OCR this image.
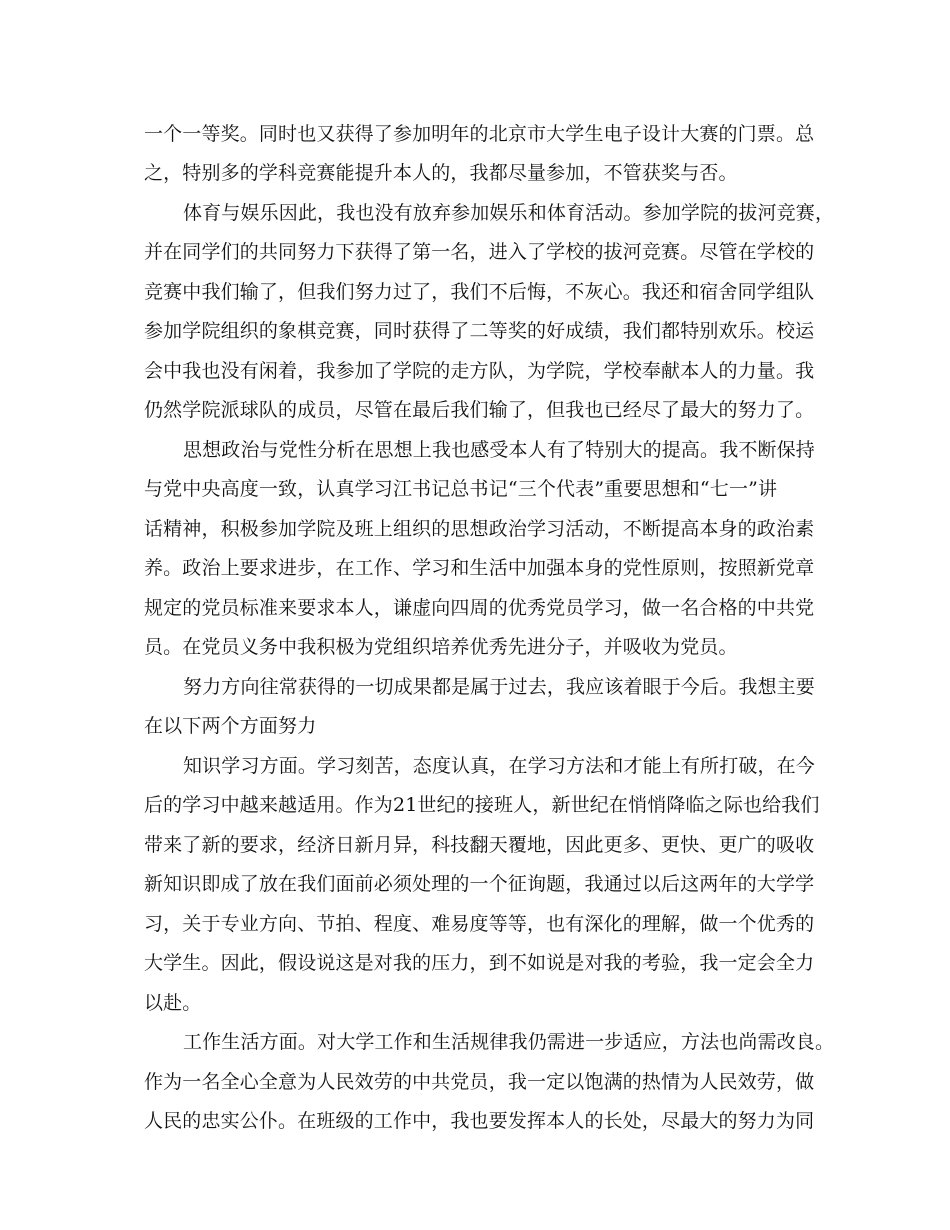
一个一等奖。同时也又获得了参加明年的北京市大学生电子设计大赛的门票。总

之，特别多的学科竞赛能提升本人的，我都尽量参加，不管获奖与否。

体育与娱乐因此，我也没有放弃参加娱乐和体育活动。参加学院的拔河竞赛，

并在同学们的共同努力下获得了第一名，进入了学校的拔河竞赛。尽管在学校的

竞赛中我们输了，但我们努力过了，我们不后悔，不灰心。我还和宿舍同学组队

参加学院组织的象棋竞赛，同时获得了二等奖的好成绩，我们都特别欢乐。校运

会中我也没有闲着，我参加了学院的走方队，为学院，学校奉献本人的力量。我

仍然学院派球队的成员，尽管在最后我们输了，但我也已经尽了最大的努力了。

思想政治与党性分析在思想上我也感受本人有了特别大的提高。我不断保持

与党中央高度一致，认真学习江书记总书记“三个代表”重要思想和“七一”讲

话精神，积极参加学院及班上组织的思想政治学习活动，不断提高本身的政治素

养。政治上要求进步，在工作、学习和生活中加强本身的党性原则，按照新党章

规定的党员标准来要求本人，谦虚向四周的优秀党员学习，做一名合格的中共党

员。在党员义务中我积极为党组织培养优秀先进分子，并吸收为党员。

努力方向往常获得的一切成果都是属于过去，我应该着眼于今后。我想主要

在以下两个方面努力

知识学习方面。学习刻苦，态度认真，在学习方法和才能上有所打破，在今

后的学习中越来越适用。作为21世纪的接班人，新世纪在悄悄降临之际也给我们

带来了新的要求，经济日新月异，科技翻天覆地，因此更多、更快、更广的吸收

新知识即成了放在我们面前必须处理的一个征询题，我通过以后这两年的大学学

习，关于专业方向、节拍、程度、难易度等等，也有深化的理解，做一个优秀的

大学生。因此，假设说这是对我的压力，到不如说是对我的考验，我一定会全力

以赴。

工作生活方面。对大学工作和生活规律我仍需进一步适应，方法也尚需改良。

作为一名全心全意为人民效劳的中共党员，我一定以饱满的热情为人民效劳，做

人民的忠实公仆。在班级的工作中，我也要发挥本人的长处，尽最大的努力为同
